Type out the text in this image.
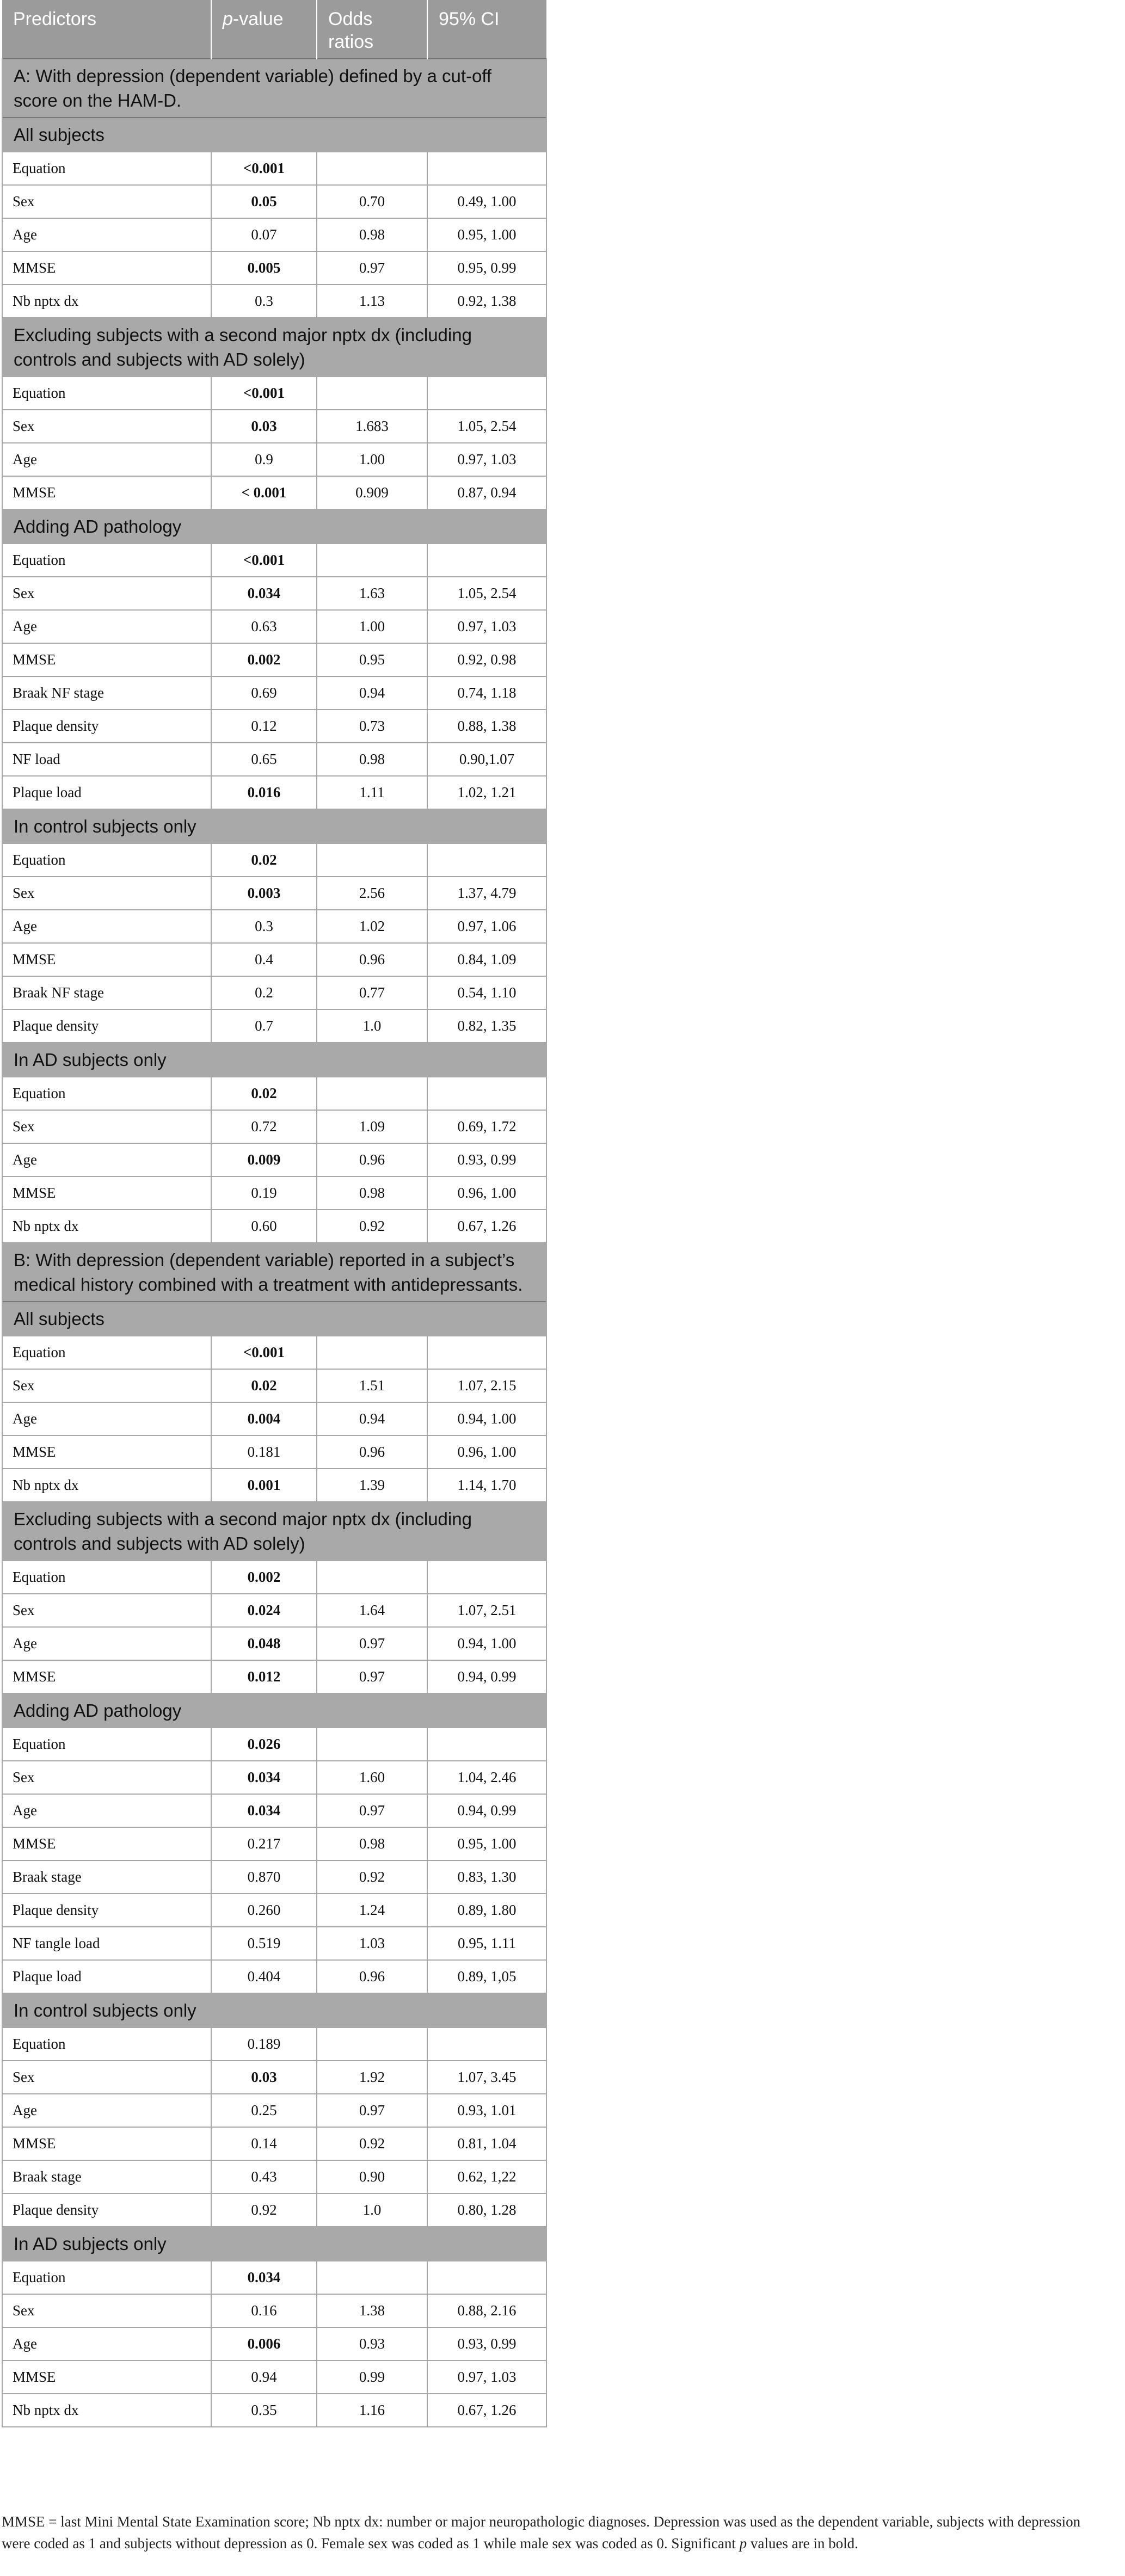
Predictors	p-value	Odds ratios	95% CI
A: With depression (dependent variable) defined by a cut-off score on the HAM-D.			
All subjects			
Equation	<0.001		
Sex	0.05	0.70	0.49, 1.00
Age	0.07	0.98	0.95, 1.00
MMSE	0.005	0.97	0.95, 0.99
Nb nptx dx	0.3	1.13	0.92, 1.38
Excluding subjects with a second major nptx dx (including controls and subjects with AD solely)			
Equation	<0.001		
Sex	0.03	1.683	1.05, 2.54
Age	0.9	1.00	0.97, 1.03
MMSE	< 0.001	0.909	0.87, 0.94
Adding AD pathology			
Equation	<0.001		
Sex	0.034	1.63	1.05, 2.54
Age	0.63	1.00	0.97, 1.03
MMSE	0.002	0.95	0.92, 0.98
Braak NF stage	0.69	0.94	0.74, 1.18
Plaque density	0.12	0.73	0.88, 1.38
NF load	0.65	0.98	0.90,1.07
Plaque load	0.016	1.11	1.02, 1.21
In control subjects only			
Equation	0.02		
Sex	0.003	2.56	1.37, 4.79
Age	0.3	1.02	0.97, 1.06
MMSE	0.4	0.96	0.84, 1.09
Braak NF stage	0.2	0.77	0.54, 1.10
Plaque density	0.7	1.0	0.82, 1.35
In AD subjects only			
Equation	0.02		
Sex	0.72	1.09	0.69, 1.72
Age	0.009	0.96	0.93, 0.99
MMSE	0.19	0.98	0.96, 1.00
Nb nptx dx	0.60	0.92	0.67, 1.26
B: With depression (dependent variable) reported in a subject’s medical history combined with a treatment with antidepressants.			
All subjects			
Equation	<0.001		
Sex	0.02	1.51	1.07, 2.15
Age	0.004	0.94	0.94, 1.00
MMSE	0.181	0.96	0.96, 1.00
Nb nptx dx	0.001	1.39	1.14, 1.70
Excluding subjects with a second major nptx dx (including controls and subjects with AD solely)			
Equation	0.002		
Sex	0.024	1.64	1.07, 2.51
Age	0.048	0.97	0.94, 1.00
MMSE	0.012	0.97	0.94, 0.99
Adding AD pathology			
Equation	0.026		
Sex	0.034	1.60	1.04, 2.46
Age	0.034	0.97	0.94, 0.99
MMSE	0.217	0.98	0.95, 1.00
Braak stage	0.870	0.92	0.83, 1.30
Plaque density	0.260	1.24	0.89, 1.80
NF tangle load	0.519	1.03	0.95, 1.11
Plaque load	0.404	0.96	0.89, 1,05
In control subjects only			
Equation	0.189		
Sex	0.03	1.92	1.07, 3.45
Age	0.25	0.97	0.93, 1.01
MMSE	0.14	0.92	0.81, 1.04
Braak stage	0.43	0.90	0.62, 1,22
Plaque density	0.92	1.0	0.80, 1.28
In AD subjects only			
Equation	0.034		
Sex	0.16	1.38	0.88, 2.16
Age	0.006	0.93	0.93, 0.99
MMSE	0.94	0.99	0.97, 1.03
Nb nptx dx	0.35	1.16	0.67, 1.26
MMSE = last Mini Mental State Examination score; Nb nptx dx: number or major neuropathologic diagnoses. Depression was used as the dependent variable, subjects with depression were coded as 1 and subjects without depression as 0. Female sex was coded as 1 while male sex was coded as 0. Significant p values are in bold.
